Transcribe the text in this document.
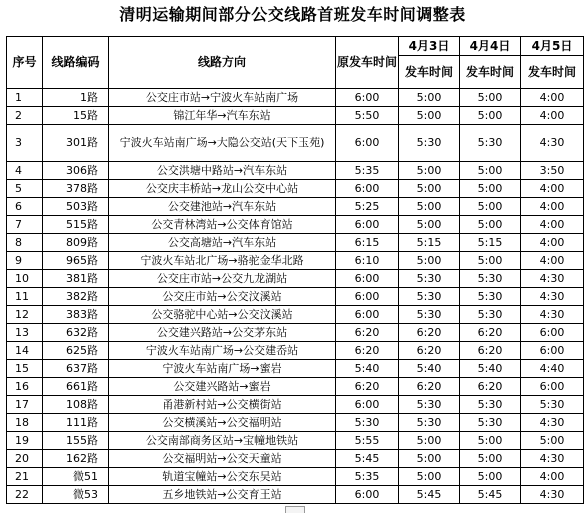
清明运输期间部分公交线路首班发车时间调整表
序号	线路编码	线路方向	原发车时间	4月3日	4月4日	4月5日
				发车时间	发车时间	发车时间
1	1路	公交庄市站→宁波火车站南广场	6:00	5:00	5:00	4:00
2	15路	锦江年华→汽车东站	5:50	5:00	5:00	4:00
3	301路	宁波火车站南广场→大隐公交站(天下玉苑)	6:00	5:30	5:30	4:30
4	306路	公交洪塘中路站→汽车东站	5:35	5:00	5:00	3:50
5	378路	公交庆丰桥站→龙山公交中心站	6:00	5:00	5:00	4:00
6	503路	公交建池站→汽车东站	5:25	5:00	5:00	4:00
7	515路	公交青林湾站→公交体育馆站	6:00	5:00	5:00	4:00
8	809路	公交高塘站→汽车东站	6:15	5:15	5:15	4:00
9	965路	宁波火车站北广场→骆驼金华北路	6:10	5:00	5:00	4:00
10	381路	公交庄市站→公交九龙湖站	6:00	5:30	5:30	4:30
11	382路	公交庄市站→公交汶溪站	6:00	5:30	5:30	4:30
12	383路	公交骆驼中心站→公交汶溪站	6:00	5:30	5:30	4:30
13	632路	公交建兴路站→公交茅东站	6:20	6:20	6:20	6:00
14	625路	宁波火车站南广场→公交建岙站	6:20	6:20	6:20	6:00
15	637路	宁波火车站南广场→蜜岩	5:40	5:40	5:40	4:40
16	661路	公交建兴路站→蜜岩	6:20	6:20	6:20	6:00
17	108路	甬港新村站→公交横街站	6:00	5:30	5:30	5:30
18	111路	公交横溪站→公交福明站	5:30	5:30	5:30	4:30
19	155路	公交南部商务区站→宝幢地铁站	5:55	5:00	5:00	5:00
20	162路	公交福明站→公交天童站	5:45	5:00	5:00	4:30
21	微51	轨道宝幢站→公交东吴站	5:35	5:00	5:00	4:00
22	微53	五乡地铁站→公交育王站	6:00	5:45	5:45	4:30
